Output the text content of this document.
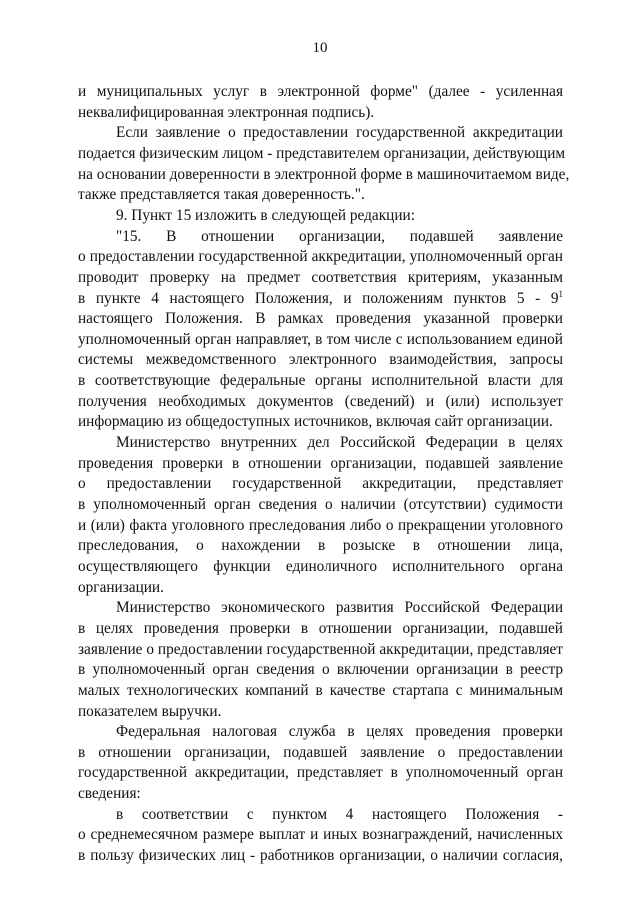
10
и муниципальных услуг в электронной форме" (далее - усиленная
неквалифицированная электронная подпись).
Если заявление о предоставлении государственной аккредитации
подается физическим лицом - представителем организации, действующим
на основании доверенности в электронной форме в машиночитаемом виде,
также представляется такая доверенность.".
9. Пункт 15 изложить в следующей редакции:
"15. В отношении организации, подавшей заявление
о предоставлении государственной аккредитации, уполномоченный орган
проводит проверку на предмет соответствия критериям, указанным
в пункте 4 настоящего Положения, и положениям пунктов $5 - 9^1$
настоящего Положения. В рамках проведения указанной проверки
уполномоченный орган направляет, в том числе с использованием единой
системы межведомственного электронного взаимодействия, запросы
в соответствующие федеральные органы исполнительной власти для
получения необходимых документов (сведений) и (или) использует
информацию из общедоступных источников, включая сайт организации.
Министерство внутренних дел Российской Федерации в целях
проведения проверки в отношении организации, подавшей заявление
о предоставлении государственной аккредитации, представляет
в уполномоченный орган сведения о наличии (отсутствии) судимости
и (или) факта уголовного преследования либо о прекращении уголовного
преследования, о нахождении в розыске в отношении лица,
осуществляющего функции единоличного исполнительного органа
организации.
Министерство экономического развития Российской Федерации
в целях проведения проверки в отношении организации, подавшей
заявление о предоставлении государственной аккредитации, представляет
в уполномоченный орган сведения о включении организации в реестр
малых технологических компаний в качестве стартапа с минимальным
показателем выручки.
Федеральная налоговая служба в целях проведения проверки
в отношении организации, подавшей заявление о предоставлении
государственной аккредитации, представляет в уполномоченный орган
сведения:
в соответствии с пунктом 4 настоящего Положения -
о среднемесячном размере выплат и иных вознаграждений, начисленных
в пользу физических лиц - работников организации, о наличии согласия,
